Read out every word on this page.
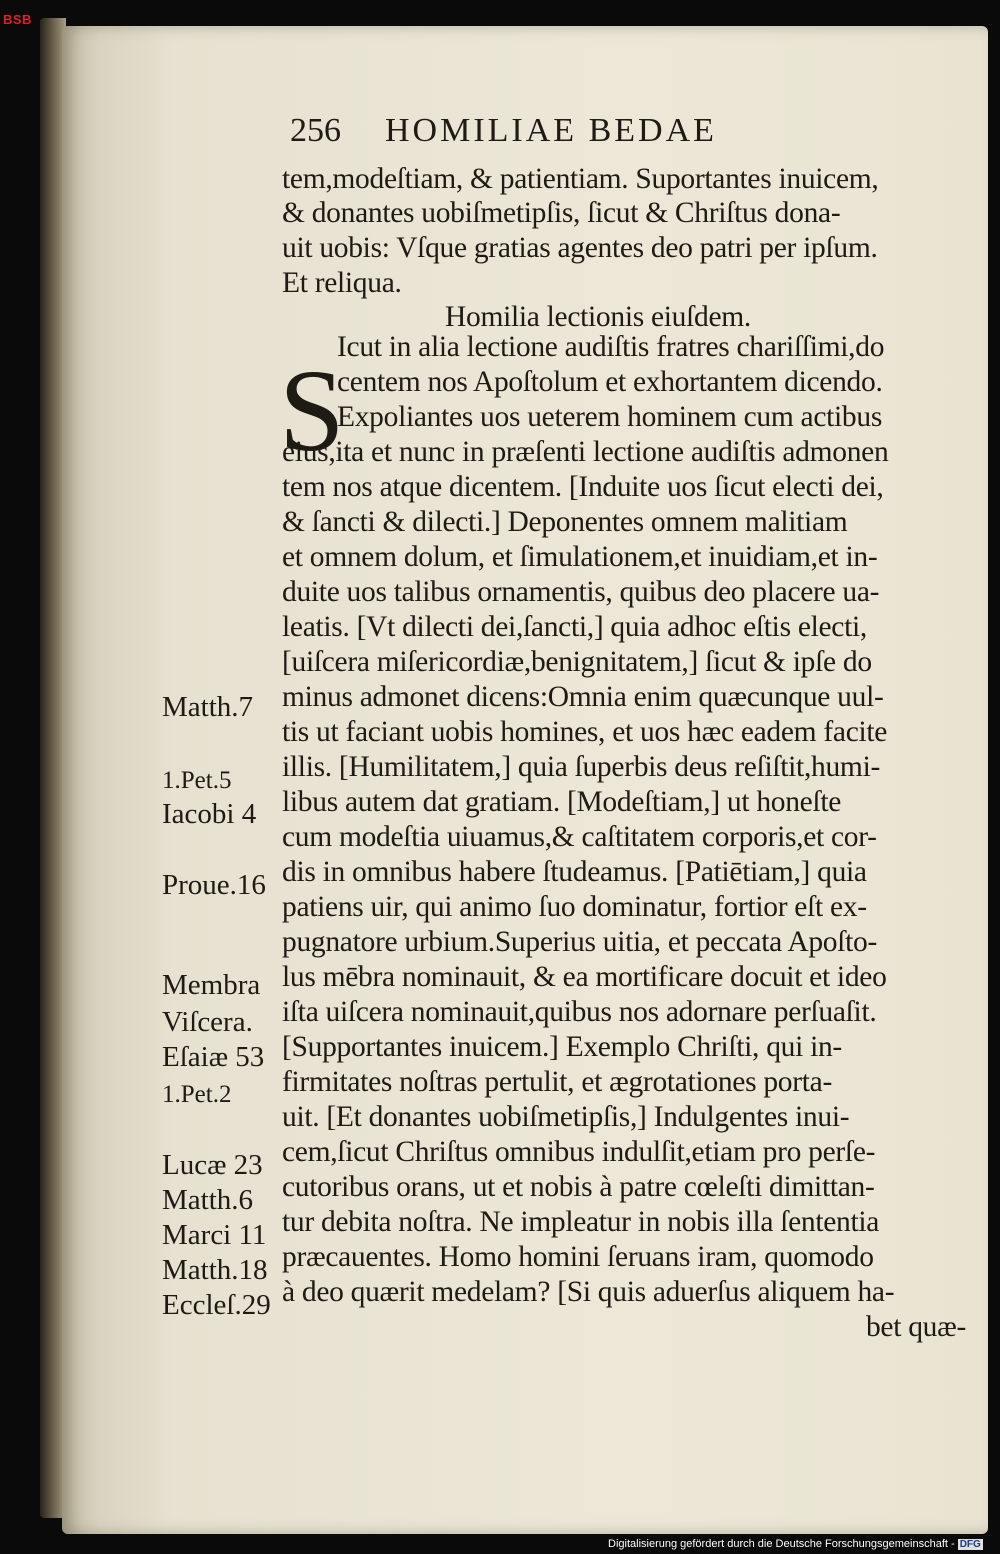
BSB
256 HOMILIAE BEDAE
tem,modeſtiam, & patientiam. Suportantes inuicem,
& donantes uobiſmetipſis, ſicut & Chriſtus dona-
uit uobis: Vſque gratias agentes deo patri per ipſum.
Et reliqua.
Homilia lectionis eiuſdem.
S
Icut in alia lectione audiſtis fratres chariſſimi,do
centem nos Apoſtolum et exhortantem dicendo.
Expoliantes uos ueterem hominem cum actibus
eius,ita et nunc in præſenti lectione audiſtis admonen
tem nos atque dicentem. [Induite uos ſicut electi dei,
& ſancti & dilecti.] Deponentes omnem malitiam
et omnem dolum, et ſimulationem,et inuidiam,et in-
duite uos talibus ornamentis, quibus deo placere ua-
leatis. [Vt dilecti dei,ſancti,] quia adhoc eſtis electi,
[uiſcera miſericordiæ,benignitatem,] ſicut & ipſe do
minus admonet dicens:Omnia enim quæcunque uul-
tis ut faciant uobis homines, et uos hæc eadem facite
illis. [Humilitatem,] quia ſuperbis deus reſiſtit,humi-
libus autem dat gratiam. [Modeſtiam,] ut honeſte
cum modeſtia uiuamus,& caſtitatem corporis,et cor-
dis in omnibus habere ſtudeamus. [Patiētiam,] quia
patiens uir, qui animo ſuo dominatur, fortior eſt ex-
pugnatore urbium.Superius uitia, et peccata Apoſto-
lus mēbra nominauit, & ea mortificare docuit et ideo
iſta uiſcera nominauit,quibus nos adornare perſuaſit.
[Supportantes inuicem.] Exemplo Chriſti, qui in-
firmitates noſtras pertulit, et ægrotationes porta-
uit. [Et donantes uobiſmetipſis,] Indulgentes inui-
cem,ſicut Chriſtus omnibus indulſit,etiam pro perſe-
cutoribus orans, ut et nobis à patre cœleſti dimittan-
tur debita noſtra. Ne impleatur in nobis illa ſententia
præcauentes. Homo homini ſeruans iram, quomodo
à deo quærit medelam? [Si quis aduerſus aliquem ha-
bet quæ-
Matth.7
1.Pet.5
Iacobi 4
Proue.16
Membra
Viſcera.
Eſaiæ 53
1.Pet.2
Lucæ 23
Matth.6
Marci 11
Matth.18
Eccleſ.29
Digitalisierung gefördert durch die Deutsche Forschungsgemeinschaft - DFG
